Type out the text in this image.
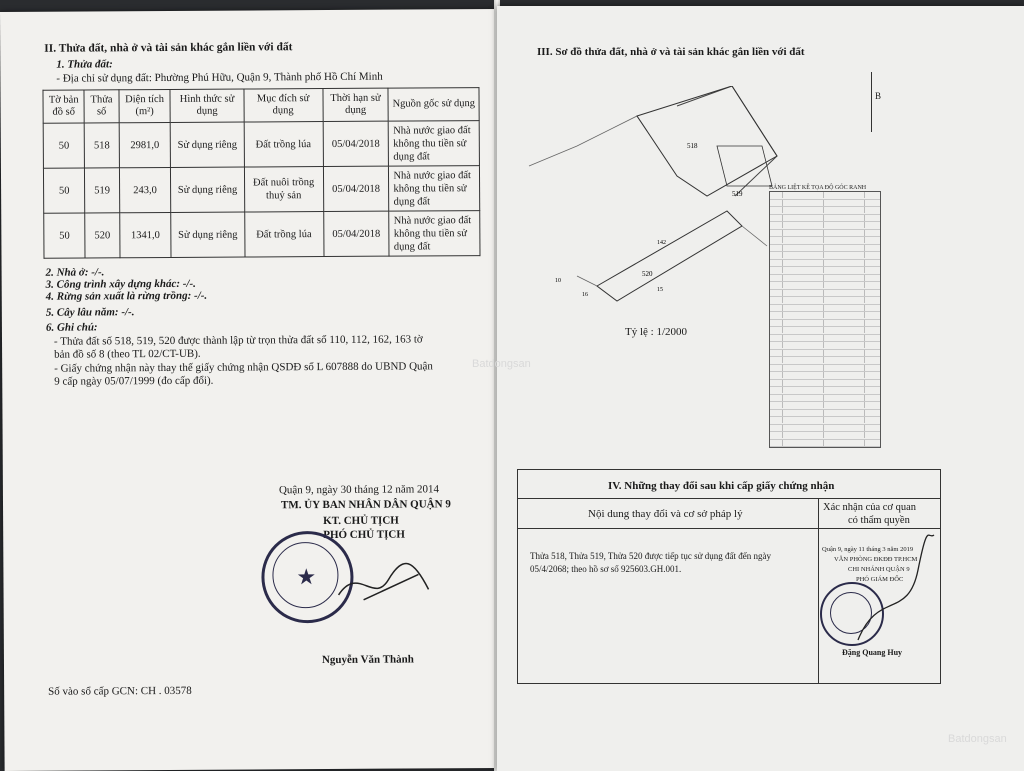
II. Thửa đất, nhà ở và tài sản khác gắn liền với đất
1. Thửa đất:
- Địa chỉ sử dụng đất: Phường Phú Hữu, Quận 9, Thành phố Hồ Chí Minh
Tờ bản đồ số	Thửa số	Diện tích (m²)	Hình thức sử dụng	Mục đích sử dụng	Thời hạn sử dụng	Nguồn gốc sử dụng
50	518	2981,0	Sử dụng riêng	Đất trồng lúa	05/04/2018	Nhà nước giao đất không thu tiền sử dụng đất
50	519	243,0	Sử dụng riêng	Đất nuôi trồng thuỷ sản	05/04/2018	Nhà nước giao đất không thu tiền sử dụng đất
50	520	1341,0	Sử dụng riêng	Đất trồng lúa	05/04/2018	Nhà nước giao đất không thu tiền sử dụng đất
2. Nhà ở: -/-.
3. Công trình xây dựng khác: -/-.
4. Rừng sản xuất là rừng trồng: -/-.
5. Cây lâu năm: -/-.
6. Ghi chú:
- Thửa đất số 518, 519, 520 được thành lập từ trọn thửa đất số 110, 112, 162, 163 tờ
bản đồ số 8 (theo TL 02/CT-UB).
- Giấy chứng nhận này thay thế giấy chứng nhận QSDĐ số L 607888 do UBND Quận
9 cấp ngày 05/07/1999 (đo cấp đổi).
Quận 9, ngày 30 tháng 12 năm 2014
TM. ỦY BAN NHÂN DÂN QUẬN 9
KT. CHỦ TỊCH
PHÓ CHỦ TỊCH
★
Nguyễn Văn Thành
Số vào sổ cấp GCN: CH . 03578
III. Sơ đồ thửa đất, nhà ở và tài sản khác gắn liền với đất
B
518
519
520
142
15
16
10
Tỷ lệ : 1/2000
BẢNG LIỆT KÊ TỌA ĐỘ GÓC RANH
IV. Những thay đổi sau khi cấp giấy chứng nhận
Nội dung thay đổi và cơ sở pháp lý
Xác nhận của cơ quan
có thẩm quyền
Thửa 518, Thửa 519, Thửa 520 được tiếp tục sử dụng đất đến ngày
05/4/2068; theo hồ sơ số 925603.GH.001.
Quận 9, ngày 11 tháng 3 năm 2019
VĂN PHÒNG ĐKĐĐ TP.HCM
CHI NHÁNH QUẬN 9
PHÓ GIÁM ĐỐC
Đặng Quang Huy
Batdongsan
Batdongsan
